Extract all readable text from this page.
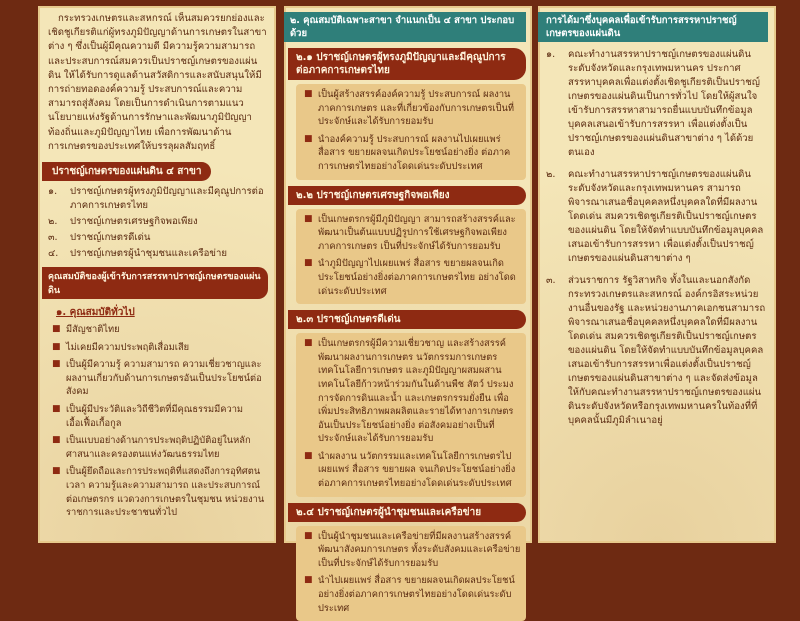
กระทรวงเกษตรและสหกรณ์ เห็นสมควรยกย่องและเชิดชูเกียรติแก่ผู้ทรงภูมิปัญญาด้านการเกษตรในสาขาต่าง ๆ ซึ่งเป็นผู้มีคุณความดี มีความรู้ความสามารถและประสบการณ์สมควรเป็นปราชญ์เกษตรของแผ่นดิน ให้ได้รับการดูแลด้านสวัสดิการและสนับสนุนให้มีการถ่ายทอดองค์ความรู้ ประสบการณ์และความสามารถสู่สังคม โดยเป็นการดำเนินการตามแนวนโยบายแห่งรัฐด้านการรักษาและพัฒนาภูมิปัญญาท้องถิ่นและภูมิปัญญาไทย เพื่อการพัฒนาด้านการเกษตรของประเทศให้บรรลุผลสัมฤทธิ์

ปราชญ์เกษตรของแผ่นดิน ๔ สาขา
๑.	ปราชญ์เกษตรผู้ทรงภูมิปัญญาและมีคุณูปการต่อภาคการเกษตรไทย
๒.	ปราชญ์เกษตรเศรษฐกิจพอเพียง
๓.	ปราชญ์เกษตรดีเด่น
๔.	ปราชญ์เกษตรผู้นำชุมชนและเครือข่าย
คุณสมบัติของผู้เข้ารับการสรรหาปราชญ์เกษตรของแผ่นดิน
๑. คุณสมบัติทั่วไป
■ มีสัญชาติไทย
■ ไม่เคยมีความประพฤติเสื่อมเสีย
■ เป็นผู้มีความรู้ ความสามารถ ความเชี่ยวชาญและผลงานเกี่ยวกับด้านการเกษตรอันเป็นประโยชน์ต่อสังคม
■ เป็นผู้มีประวัติและวิถีชีวิตที่มีคุณธรรมมีความเอื้อเฟื้อเกื้อกูล
■ เป็นแบบอย่างด้านการประพฤติปฏิบัติอยู่ในหลักศาสนาและครองตนแห่งวัฒนธรรมไทย
■ เป็นผู้ยึดถือและการประพฤติที่แสดงถึงการอุทิศตนเวลา ความรู้และความสามารถ และประสบการณ์ต่อเกษตรกร แวดวงการเกษตรในชุมชน หน่วยงานราชการและประชาชนทั่วไป
๒. คุณสมบัติเฉพาะสาขา จำแนกเป็น ๔ สาขา ประกอบด้วย
๒.๑ ปราชญ์เกษตรผู้ทรงภูมิปัญญาและมีคุณูปการต่อภาคการเกษตรไทย
■ เป็นผู้สร้างสรรค์องค์ความรู้ ประสบการณ์ ผลงานภาคการเกษตร และที่เกี่ยวข้องกับการเกษตรเป็นที่ประจักษ์และได้รับการยอมรับ
■ นำองค์ความรู้ ประสบการณ์ ผลงานไปเผยแพร่สื่อสาร ขยายผลจนเกิดประโยชน์อย่างยิ่ง ต่อภาคการเกษตรไทยอย่างโดดเด่นระดับประเทศ
๒.๒ ปราชญ์เกษตรเศรษฐกิจพอเพียง
■ เป็นเกษตรกรผู้มีภูมิปัญญา สามารถสร้างสรรค์และพัฒนาเป็นต้นแบบปฏิรูปการใช้เศรษฐกิจพอเพียงภาคการเกษตร เป็นที่ประจักษ์ได้รับการยอมรับ
■ นำภูมิปัญญาไปเผยแพร่ สื่อสาร ขยายผลจนเกิดประโยชน์อย่างยิ่งต่อภาคการเกษตรไทย อย่างโดดเด่นระดับประเทศ
๒.๓ ปราชญ์เกษตรดีเด่น
■ เป็นเกษตรกรผู้มีความเชี่ยวชาญ และสร้างสรรค์พัฒนาผลงานการเกษตร นวัตกรรมการเกษตรเทคโนโลยีการเกษตร และภูมิปัญญาผสมผสานเทคโนโลยีก้าวหน้าร่วมกันในด้านพืช สัตว์ ประมง การจัดการดินและน้ำ และเกษตรกรรมยั่งยืน เพื่อเพิ่มประสิทธิภาพผลผลิตและรายได้ทางการเกษตร อันเป็นประโยชน์อย่างยิ่ง ต่อสังคมอย่างเป็นที่ประจักษ์และได้รับการยอมรับ
■ นำผลงาน นวัตกรรมและเทคโนโลยีการเกษตรไปเผยแพร่ สื่อสาร ขยายผล จนเกิดประโยชน์อย่างยิ่งต่อภาคการเกษตรไทยอย่างโดดเด่นระดับประเทศ
๒.๔ ปราชญ์เกษตรผู้นำชุมชนและเครือข่าย
■ เป็นผู้นำชุมชนและเครือข่ายที่มีผลงานสร้างสรรค์พัฒนาสังคมการเกษตร ทั้งระดับสังคมและเครือข่ายเป็นที่ประจักษ์ได้รับการยอมรับ
■ นำไปเผยแพร่ สื่อสาร ขยายผลจนเกิดผลประโยชน์อย่างยิ่งต่อภาคการเกษตรไทยอย่างโดดเด่นระดับประเทศ
การได้มาซึ่งบุคคลเพื่อเข้ารับการสรรหาปราชญ์เกษตรของแผ่นดิน
๑.	คณะทำงานสรรหาปราชญ์เกษตรของแผ่นดินระดับจังหวัดและกรุงเทพมหานคร ประกาศสรรหาบุคคลเพื่อแต่งตั้งเชิดชูเกียรติเป็นปราชญ์เกษตรของแผ่นดินเป็นการทั่วไป โดยให้ผู้สนใจเข้ารับการสรรหาสามารถยื่นแบบบันทึกข้อมูลบุคคลเสนอเข้ารับการสรรหา เพื่อแต่งตั้งเป็นปราชญ์เกษตรของแผ่นดินสาขาต่าง ๆ ได้ด้วยตนเอง
๒.	คณะทำงานสรรหาปราชญ์เกษตรของแผ่นดินระดับจังหวัดและกรุงเทพมหานคร สามารถพิจารณาเสนอชื่อบุคคลหนึ่งบุคคลใดที่มีผลงานโดดเด่น สมควรเชิดชูเกียรติเป็นปราชญ์เกษตรของแผ่นดิน โดยให้จัดทำแบบบันทึกข้อมูลบุคคลเสนอเข้ารับการสรรหา เพื่อแต่งตั้งเป็นปราชญ์เกษตรของแผ่นดินสาขาต่าง ๆ
๓.	ส่วนราชการ รัฐวิสาหกิจ ทั้งในและนอกสังกัดกระทรวงเกษตรและสหกรณ์ องค์กรอิสระหน่วยงานอื่นของรัฐ และหน่วยงานภาคเอกชนสามารถพิจารณาเสนอชื่อบุคคลหนึ่งบุคคลใดที่มีผลงานโดดเด่น สมควรเชิดชูเกียรติเป็นปราชญ์เกษตรของแผ่นดิน โดยให้จัดทำแบบบันทึกข้อมูลบุคคลเสนอเข้ารับการสรรหาเพื่อแต่งตั้งเป็นปราชญ์เกษตรของแผ่นดินสาขาต่าง ๆ และจัดส่งข้อมูลให้กับคณะทำงานสรรหาปราชญ์เกษตรของแผ่นดินระดับจังหวัดหรือกรุงเทพมหานครในท้องที่ที่บุคคลนั้นมีภูมิลำเนาอยู่
